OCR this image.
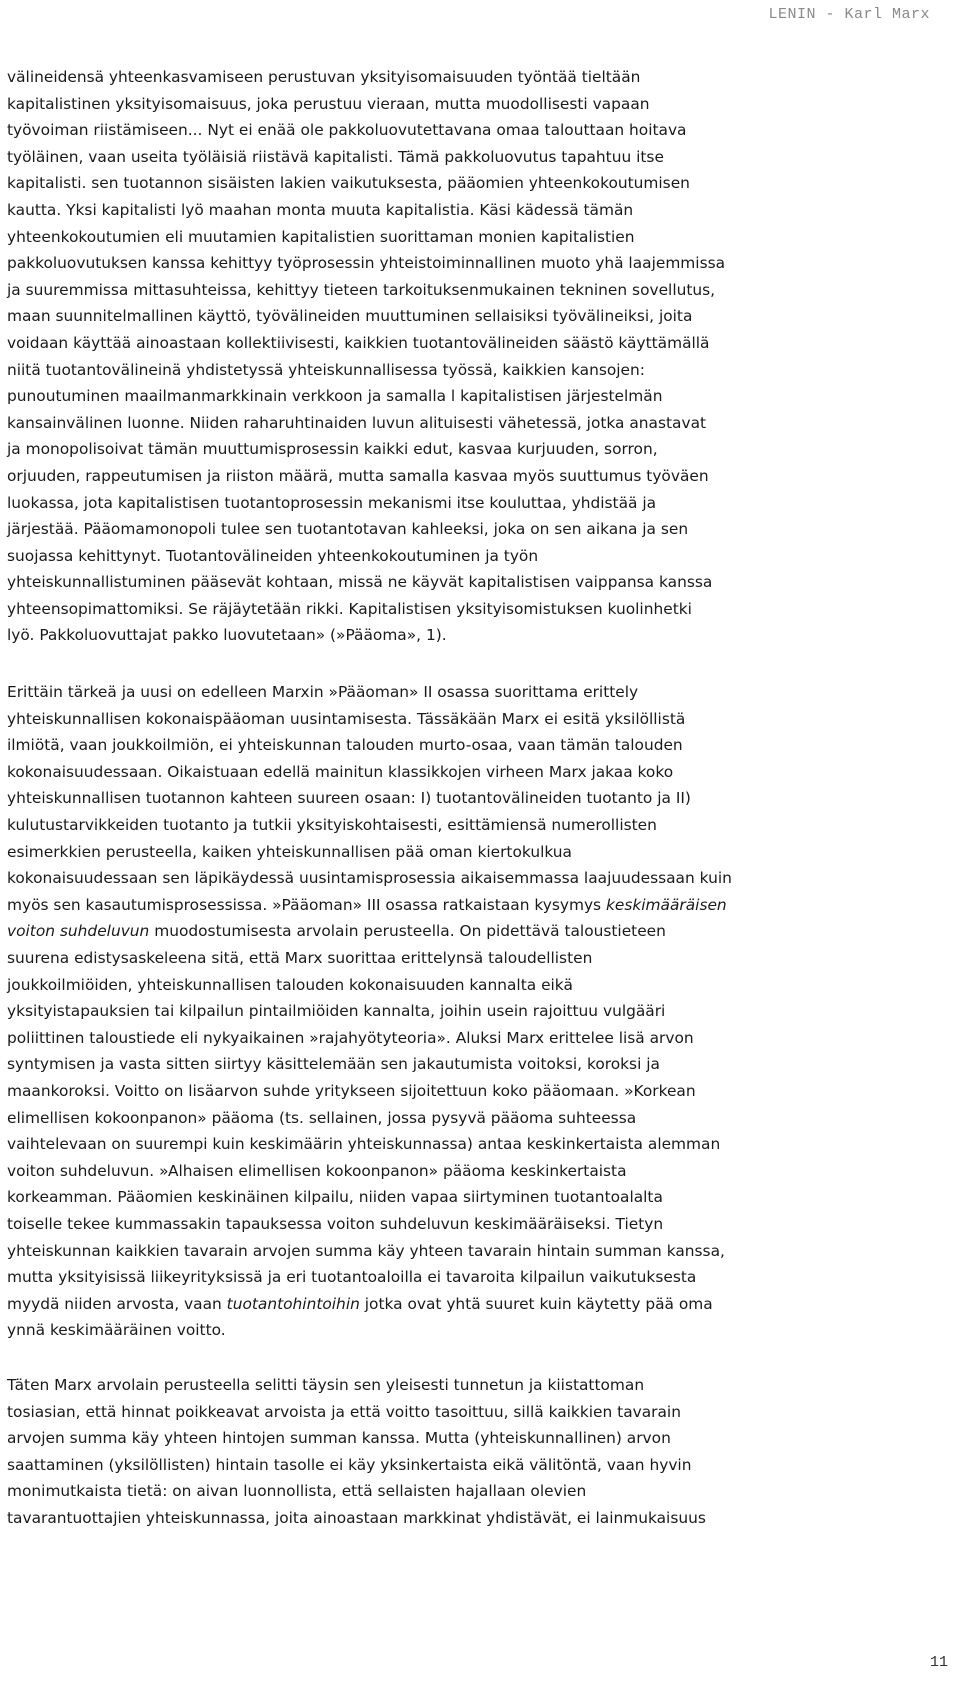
LENIN - Karl Marx

välineidensä yhteenkasvamiseen perustuvan yksityisomaisuuden työntää tieltään
kapitalistinen yksityisomaisuus, joka perustuu vieraan, mutta muodollisesti vapaan
työvoiman riistämiseen... Nyt ei enää ole pakkoluovutettavana omaa talouttaan hoitava
työläinen, vaan useita työläisiä riistävä kapitalisti. Tämä pakkoluovutus tapahtuu itse
kapitalisti. sen tuotannon sisäisten lakien vaikutuksesta, pääomien yhteenkokoutumisen
kautta. Yksi kapitalisti lyö maahan monta muuta kapitalistia. Käsi kädessä tämän
yhteenkokoutumien eli muutamien kapitalistien suorittaman monien kapitalistien
pakkoluovutuksen kanssa kehittyy työprosessin yhteistoiminnallinen muoto yhä laajemmissa
ja suuremmissa mittasuhteissa, kehittyy tieteen tarkoituksenmukainen tekninen sovellutus,
maan suunnitelmallinen käyttö, työvälineiden muuttuminen sellaisiksi työvälineiksi, joita
voidaan käyttää ainoastaan kollektiivisesti, kaikkien tuotantovälineiden säästö käyttämällä
niitä tuotantovälineinä yhdistetyssä yhteiskunnallisessa työssä, kaikkien kansojen:
punoutuminen maailmanmarkkinain verkkoon ja samalla l kapitalistisen järjestelmän
kansainvälinen luonne. Niiden raharuhtinaiden luvun alituisesti vähetessä, jotka anastavat
ja monopolisoivat tämän muuttumisprosessin kaikki edut, kasvaa kurjuuden, sorron,
orjuuden, rappeutumisen ja riiston määrä, mutta samalla kasvaa myös suuttumus työväen
luokassa, jota kapitalistisen tuotantoprosessin mekanismi itse kouluttaa, yhdistää ja
järjestää. Pääomamonopoli tulee sen tuotantotavan kahleeksi, joka on sen aikana ja sen
suojassa kehittynyt. Tuotantovälineiden yhteenkokoutuminen ja työn
yhteiskunnallistuminen pääsevät kohtaan, missä ne käyvät kapitalistisen vaippansa kanssa
yhteensopimattomiksi. Se räjäytetään rikki. Kapitalistisen yksityisomistuksen kuolinhetki
lyö. Pakkoluovuttajat pakko luovutetaan» (»Pääoma», 1).

Erittäin tärkeä ja uusi on edelleen Marxin »Pääoman» II osassa suorittama erittely
yhteiskunnallisen kokonaispääoman uusintamisesta. Tässäkään Marx ei esitä yksilöllistä
ilmiötä, vaan joukkoilmiön, ei yhteiskunnan talouden murto-osaa, vaan tämän talouden
kokonaisuudessaan. Oikaistuaan edellä mainitun klassikkojen virheen Marx jakaa koko
yhteiskunnallisen tuotannon kahteen suureen osaan: I) tuotantovälineiden tuotanto ja II)
kulutustarvikkeiden tuotanto ja tutkii yksityiskohtaisesti, esittämiensä numerollisten
esimerkkien perusteella, kaiken yhteiskunnallisen pää oman kiertokulkua
kokonaisuudessaan sen läpikäydessä uusintamisprosessia aikaisemmassa laajuudessaan kuin
myös sen kasautumisprosessissa. »Pääoman» III osassa ratkaistaan kysymys keskimääräisen
voiton suhdeluvun muodostumisesta arvolain perusteella. On pidettävä taloustieteen
suurena edistysaskeleena sitä, että Marx suorittaa erittelynsä taloudellisten
joukkoilmiöiden, yhteiskunnallisen talouden kokonaisuuden kannalta eikä
yksityistapauksien tai kilpailun pintailmiöiden kannalta, joihin usein rajoittuu vulgääri
poliittinen taloustiede eli nykyaikainen »rajahyötyteoria». Aluksi Marx erittelee lisä arvon
syntymisen ja vasta sitten siirtyy käsittelemään sen jakautumista voitoksi, koroksi ja
maankoroksi. Voitto on lisäarvon suhde yritykseen sijoitettuun koko pääomaan. »Korkean
elimellisen kokoonpanon» pääoma (ts. sellainen, jossa pysyvä pääoma suhteessa
vaihtelevaan on suurempi kuin keskimäärin yhteiskunnassa) antaa keskinkertaista alemman
voiton suhdeluvun. »Alhaisen elimellisen kokoonpanon» pääoma keskinkertaista
korkeamman. Pääomien keskinäinen kilpailu, niiden vapaa siirtyminen tuotantoalalta
toiselle tekee kummassakin tapauksessa voiton suhdeluvun keskimääräiseksi. Tietyn
yhteiskunnan kaikkien tavarain arvojen summa käy yhteen tavarain hintain summan kanssa,
mutta yksityisissä liikeyrityksissä ja eri tuotantoaloilla ei tavaroita kilpailun vaikutuksesta
myydä niiden arvosta, vaan tuotantohintoihin jotka ovat yhtä suuret kuin käytetty pää oma
ynnä keskimääräinen voitto.

Täten Marx arvolain perusteella selitti täysin sen yleisesti tunnetun ja kiistattoman
tosiasian, että hinnat poikkeavat arvoista ja että voitto tasoittuu, sillä kaikkien tavarain
arvojen summa käy yhteen hintojen summan kanssa. Mutta (yhteiskunnallinen) arvon
saattaminen (yksilöllisten) hintain tasolle ei käy yksinkertaista eikä välitöntä, vaan hyvin
monimutkaista tietä: on aivan luonnollista, että sellaisten hajallaan olevien
tavarantuottajien yhteiskunnassa, joita ainoastaan markkinat yhdistävät, ei lainmukaisuus

11
